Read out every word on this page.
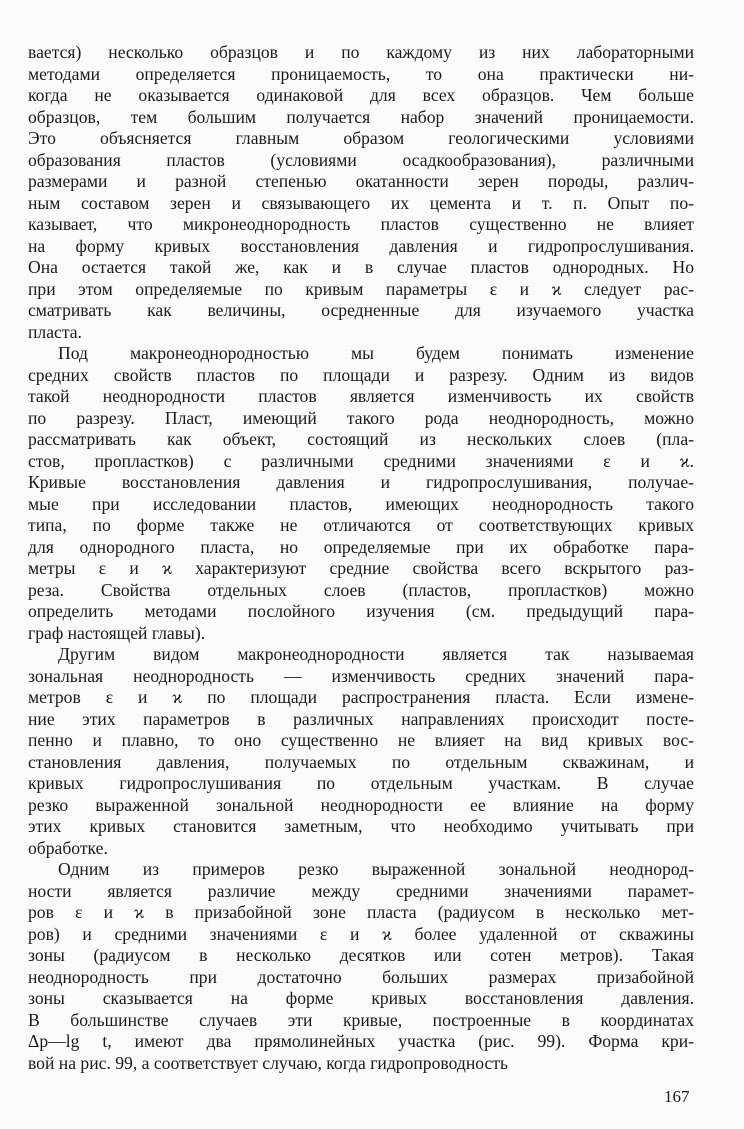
вается) несколько образцов и по каждому из них лабораторными
методами определяется проницаемость, то она практически ни-
когда не оказывается одинаковой для всех образцов. Чем больше
образцов, тем большим получается набор значений проницаемости.
Это объясняется главным образом геологическими условиями
образования пластов (условиями осадкообразования), различными
размерами и разной степенью окатанности зерен породы, различ-
ным составом зерен и связывающего их цемента и т. п. Опыт по-
казывает, что микронеоднородность пластов существенно не влияет
на форму кривых восстановления давления и гидропрослушивания.
Она остается такой же, как и в случае пластов однородных. Но
при этом определяемые по кривым параметры ε и ϰ следует рас-
сматривать как величины, осредненные для изучаемого участка
пласта.
Под макронеоднородностью мы будем понимать изменение
средних свойств пластов по площади и разрезу. Одним из видов
такой неоднородности пластов является изменчивость их свойств
по разрезу. Пласт, имеющий такого рода неоднородность, можно
рассматривать как объект, состоящий из нескольких слоев (пла-
стов, пропластков) с различными средними значениями ε и ϰ.
Кривые восстановления давления и гидропрослушивания, получае-
мые при исследовании пластов, имеющих неоднородность такого
типа, по форме также не отличаются от соответствующих кривых
для однородного пласта, но определяемые при их обработке пара-
метры ε и ϰ характеризуют средние свойства всего вскрытого раз-
реза. Свойства отдельных слоев (пластов, пропластков) можно
определить методами послойного изучения (см. предыдущий пара-
граф настоящей главы).
Другим видом макронеоднородности является так называемая
зональная неоднородность — изменчивость средних значений пара-
метров ε и ϰ по площади распространения пласта. Если измене-
ние этих параметров в различных направлениях происходит посте-
пенно и плавно, то оно существенно не влияет на вид кривых вос-
становления давления, получаемых по отдельным скважинам, и
кривых гидропрослушивания по отдельным участкам. В случае
резко выраженной зональной неоднородности ее влияние на форму
этих кривых становится заметным, что необходимо учитывать при
обработке.
Одним из примеров резко выраженной зональной неоднород-
ности является различие между средними значениями парамет-
ров ε и ϰ в призабойной зоне пласта (радиусом в несколько мет-
ров) и средними значениями ε и ϰ более удаленной от скважины
зоны (радиусом в несколько десятков или сотен метров). Такая
неоднородность при достаточно больших размерах призабойной
зоны сказывается на форме кривых восстановления давления.
В большинстве случаев эти кривые, построенные в координатах
Δp—lg t, имеют два прямолинейных участка (рис. 99). Форма кри-
вой на рис. 99, a соответствует случаю, когда гидропроводность
167
